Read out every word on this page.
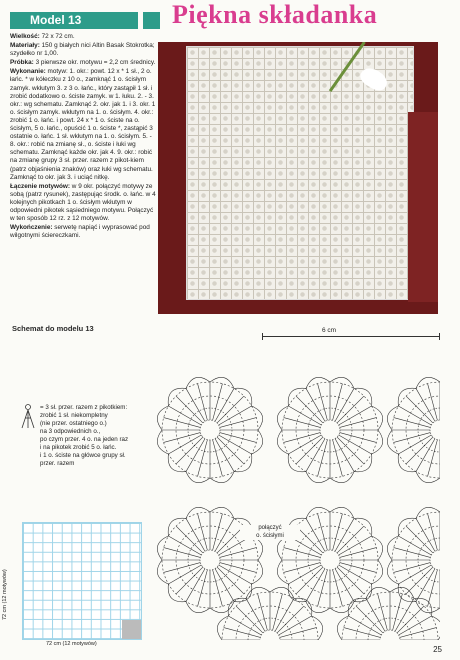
Model 13	Piękna składanka

Wielkość: 72 x 72 cm.

Materiały: 150 g białych nici Altin Basak Stokrotka; szydełko nr 1,00.

Próbka: 3 pierwsze okr. motywu = 2,2 cm średnicy.

Wykonanie: motyw: 1. okr.: powt. 12 x * 1 sł., 2 o. łańc. * w kółeczku z 10 o., zamknąć 1 o. ścisłym zamyk. wkłutym 3. z 3 o. łańc., który zastąpił 1 sł. i zrobić dodatkowo o. ściste zamyk. w 1. łuku. 2. - 3. okr.: wg schematu. Zamknąć 2. okr. jak 1. i 3. okr. 1 o. ścisłym zamyk. wkłutym na 1. o. ścisłym. 4. okr.: zrobić 1 o. łańc. i powt. 24 x * 1 o. ściste na o. ścisłym, 5 o. łańc., opuścić 1 o. ściste *, zastąpić 3 ostatnie o. łańc. 1 sł. wkłutym na 1. o. ścisłym. 5. - 8. okr.: robić na zmianę sł., o. ściste i łuki wg schematu. Zamknąć każde okr. jak 4. 9. okr.: robić na zmianę grupy 3 sł. przer. razem z pikot-kiem (patrz objaśnienia znaków) oraz łuki wg schematu. Zamknąć to okr. jak 3. i uciąć nitkę.

Łączenie motywów: w 9 okr. połączyć motywy ze sobą (patrz rysunek), zastępując środk. o. łańc. w 4 kolejnych pikotkach 1 o. ścisłym wkłutym w odpowiedni pikotek sąsiedniego motywu. Połączyć w ten sposób 12 rz. z 12 motywów.

Wykończenie: serwetę napiąć i wyprasować pod wilgotnymi ściereczkami.

Schemat do modelu 13	6 cm
= 3 sł. przer. razem z pikotkiem:
zrobić 1 sł. niekompletny
(nie przer. ostatniego o.)
na 3 odpowiednich o.,
po czym przer. 4 o. na jeden raz
i na pikotek zrobić 5 o. łańc.
i 1 o. ściste na główce grupy sł.
przer. razem
połączyć
o. ścisłymi
72 cm (12 motywów)
72 cm (12 motywów)
25
